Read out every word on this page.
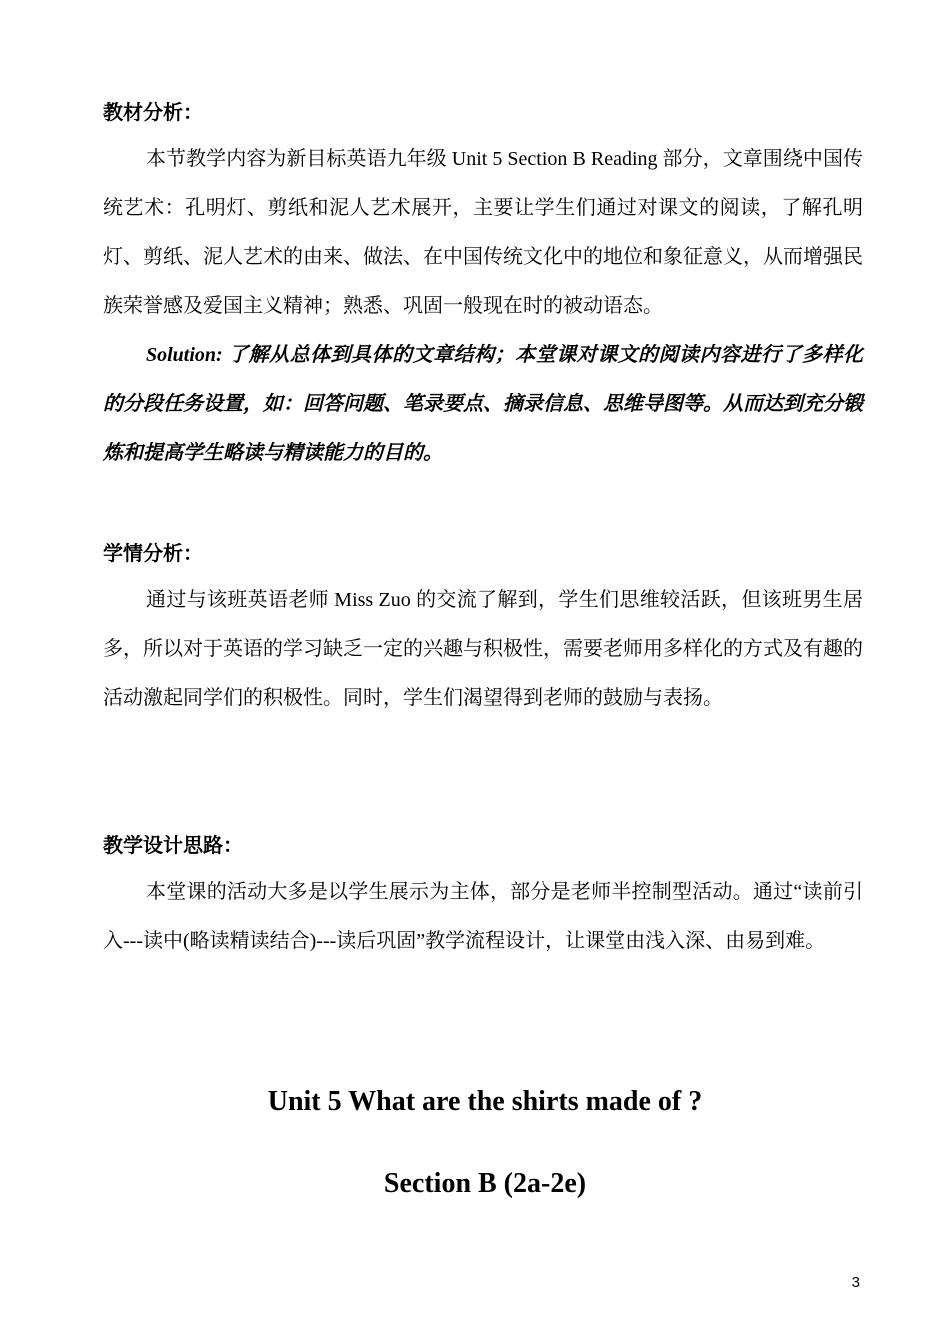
教材分析：

本节教学内容为新目标英语九年级 Unit 5 Section B Reading 部分，文章围绕中国传统艺术：孔明灯、剪纸和泥人艺术展开，主要让学生们通过对课文的阅读，了解孔明灯、剪纸、泥人艺术的由来、做法、在中国传统文化中的地位和象征意义，从而增强民族荣誉感及爱国主义精神；熟悉、巩固一般现在时的被动语态。

Solution: 了解从总体到具体的文章结构；本堂课对课文的阅读内容进行了多样化的分段任务设置，如：回答问题、笔录要点、摘录信息、思维导图等。从而达到充分锻炼和提高学生略读与精读能力的目的。

学情分析：

通过与该班英语老师 Miss Zuo 的交流了解到，学生们思维较活跃，但该班男生居多，所以对于英语的学习缺乏一定的兴趣与积极性，需要老师用多样化的方式及有趣的活动激起同学们的积极性。同时，学生们渴望得到老师的鼓励与表扬。

教学设计思路：

本堂课的活动大多是以学生展示为主体，部分是老师半控制型活动。通过“读前引入---读中(略读精读结合)---读后巩固”教学流程设计，让课堂由浅入深、由易到难。

Unit 5 What are the shirts made of ?
Section B (2a-2e)
3
